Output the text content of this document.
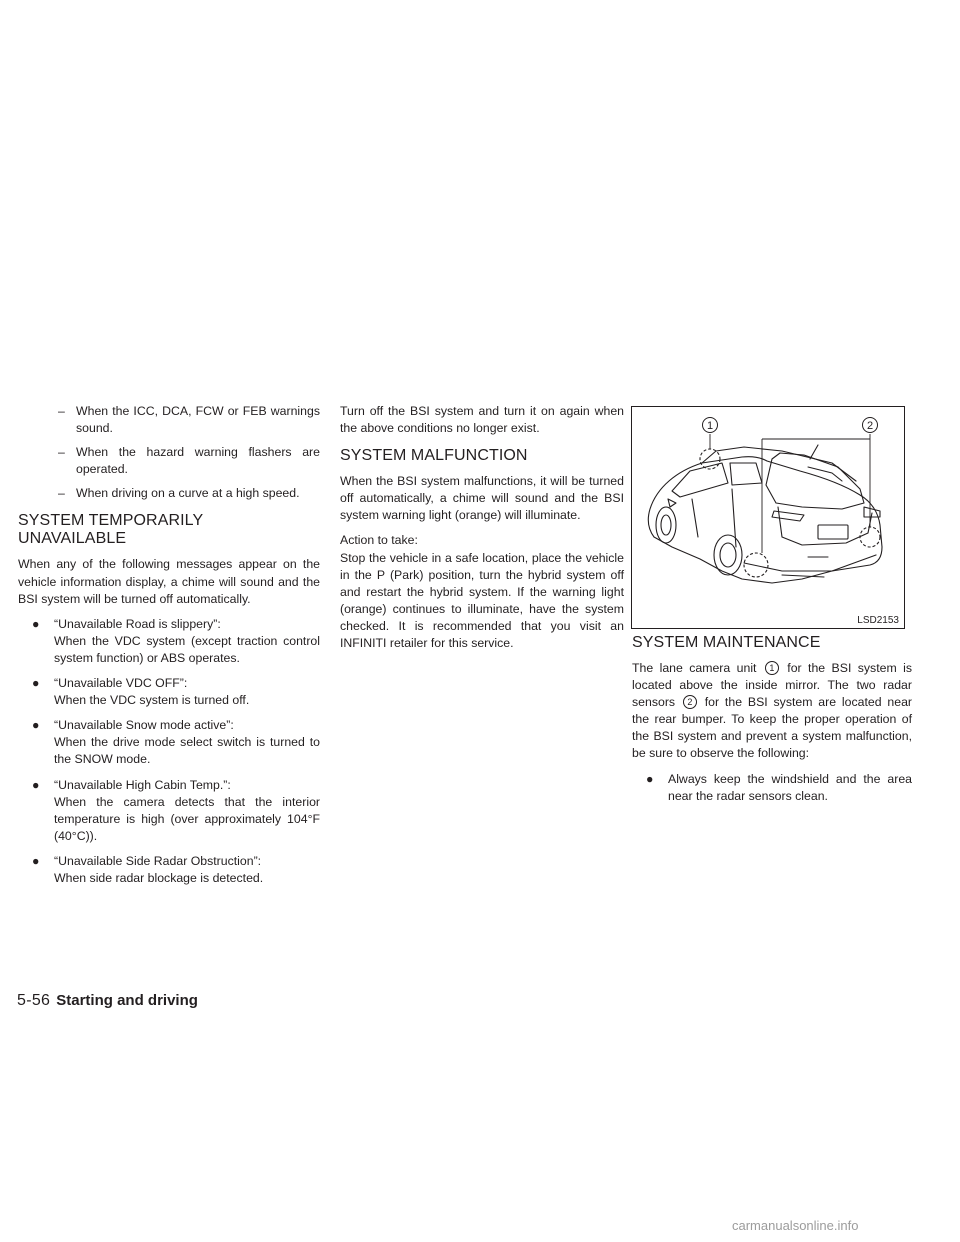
– When the ICC, DCA, FCW or FEB warnings sound.
– When the hazard warning flashers are operated.
– When driving on a curve at a high speed.
SYSTEM TEMPORARILY UNAVAILABLE

When any of the following messages appear on the vehicle information display, a chime will sound and the BSI system will be turned off automatically.

● “Unavailable Road is slippery”:

When the VDC system (except traction control system function) or ABS operates.

● “Unavailable VDC OFF”:

When the VDC system is turned off.

● “Unavailable Snow mode active”:

When the drive mode select switch is turned to the SNOW mode.

● “Unavailable High Cabin Temp.”:

When the camera detects that the interior temperature is high (over approximately 104°F (40°C)).

● “Unavailable Side Radar Obstruction”:

When side radar blockage is detected.

Turn off the BSI system and turn it on again when the above conditions no longer exist.

SYSTEM MALFUNCTION

When the BSI system malfunctions, it will be turned off automatically, a chime will sound and the BSI system warning light (orange) will illuminate.

Action to take:

Stop the vehicle in a safe location, place the vehicle in the P (Park) position, turn the hybrid system off and restart the hybrid system. If the warning light (orange) continues to illuminate, have the system checked. It is recommended that you visit an INFINITI retailer for this service.

1	2
LSD2153
SYSTEM MAINTENANCE

The lane camera unit 1 for the BSI system is located above the inside mirror. The two radar sensors 2 for the BSI system are located near the rear bumper. To keep the proper operation of the BSI system and prevent a system malfunction, be sure to observe the following:

● Always keep the windshield and the area near the radar sensors clean.

5-56 Starting and driving
carmanualsonline.info
